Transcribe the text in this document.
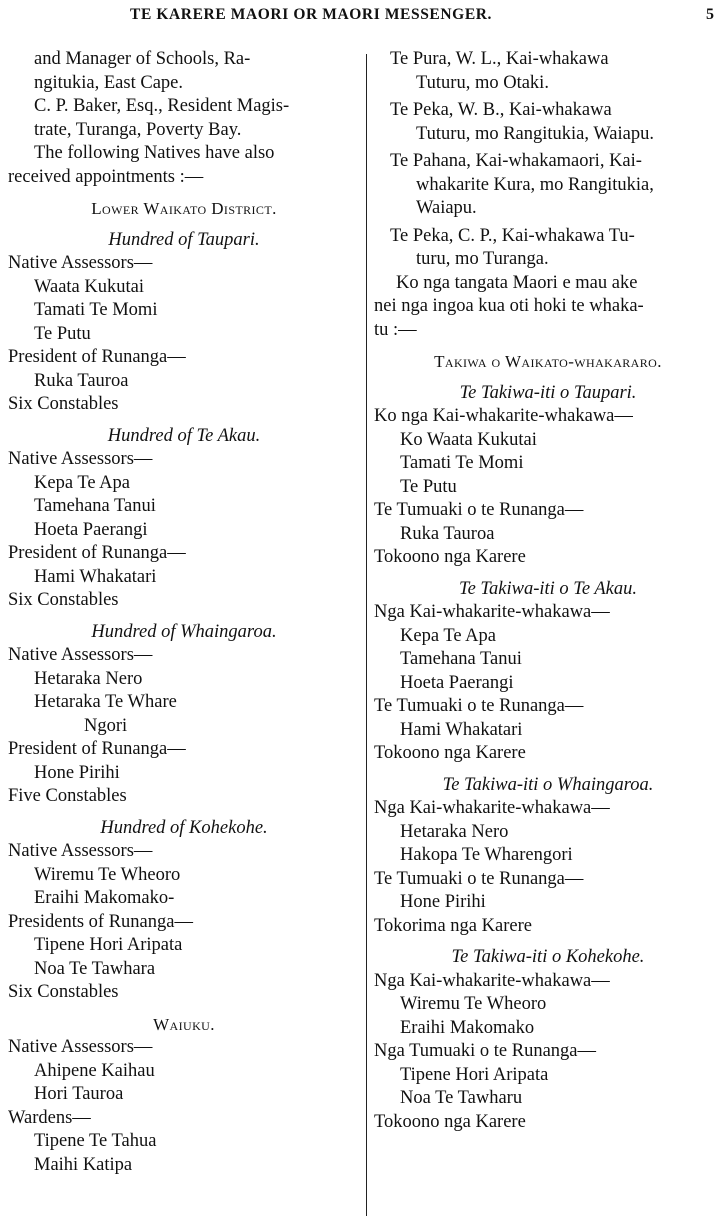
TE KARERE MAORI OR MAORI MESSENGER.	5
and Manager of Schools, Ra-
ngitukia, East Cape.
C. P. Baker, Esq., Resident Magis-
trate, Turanga, Poverty Bay.
The following Natives have also
received appointments :—
Lower Waikato District.
Hundred of Taupari.
Native Assessors—
Waata Kukutai
Tamati Te Momi
Te Putu
President of Runanga—
Ruka Tauroa
Six Constables
Hundred of Te Akau.
Native Assessors—
Kepa Te Apa
Tamehana Tanui
Hoeta Paerangi
President of Runanga—
Hami Whakatari
Six Constables
Hundred of Whaingaroa.
Native Assessors—
Hetaraka Nero
Hetaraka Te Whare
Ngori
President of Runanga—
Hone Pirihi
Five Constables
Hundred of Kohekohe.
Native Assessors—
Wiremu Te Wheoro
Eraihi Makomako-
Presidents of Runanga—
Tipene Hori Aripata
Noa Te Tawhara
Six Constables
Waiuku.
Native Assessors—
Ahipene Kaihau
Hori Tauroa
Wardens—
Tipene Te Tahua
Maihi Katipa
Te Pura, W. L., Kai-whakawa
Tuturu, mo Otaki.
Te Peka, W. B., Kai-whakawa
Tuturu, mo Rangitukia, Waiapu.
Te Pahana, Kai-whakamaori, Kai-
whakarite Kura, mo Rangitukia,
Waiapu.
Te Peka, C. P., Kai-whakawa Tu-
turu, mo Turanga.
Ko nga tangata Maori e mau ake
nei nga ingoa kua oti hoki te whaka-
tu :—
Takiwa o Waikato-whakararo.
Te Takiwa-iti o Taupari.
Ko nga Kai-whakarite-whakawa—
Ko Waata Kukutai
Tamati Te Momi
Te Putu
Te Tumuaki o te Runanga—
Ruka Tauroa
Tokoono nga Karere
Te Takiwa-iti o Te Akau.
Nga Kai-whakarite-whakawa—
Kepa Te Apa
Tamehana Tanui
Hoeta Paerangi
Te Tumuaki o te Runanga—
Hami Whakatari
Tokoono nga Karere
Te Takiwa-iti o Whaingaroa.
Nga Kai-whakarite-whakawa—
Hetaraka Nero
Hakopa Te Wharengori
Te Tumuaki o te Runanga—
Hone Pirihi
Tokorima nga Karere
Te Takiwa-iti o Kohekohe.
Nga Kai-whakarite-whakawa—
Wiremu Te Wheoro
Eraihi Makomako
Nga Tumuaki o te Runanga—
Tipene Hori Aripata
Noa Te Tawharu
Tokoono nga Karere
